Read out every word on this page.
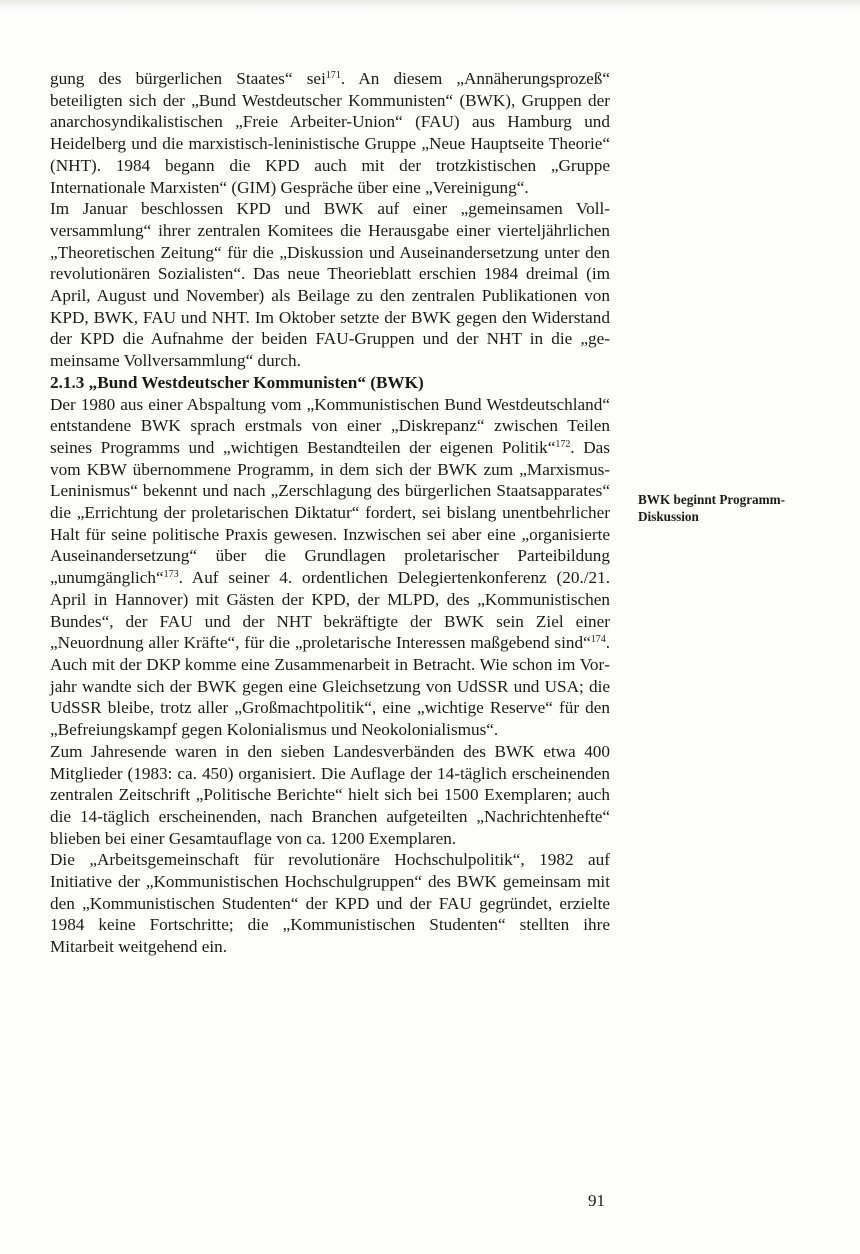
gung des bürgerlichen Staates“ sei$^{171}$. An diesem „Annäherungsprozeß“ beteiligten sich der „Bund Westdeutscher Kommunisten“ (BWK), Gruppen der anarchosyndikalistischen „Freie Arbeiter-Union“ (FAU) aus Hamburg und Heidelberg und die marxistisch-leninistische Gruppe „Neue Hauptseite Theorie“ (NHT). 1984 begann die KPD auch mit der trotzkistischen „Gruppe Internationale Marxisten“ (GIM) Gespräche über eine „Vereinigung“.

Im Januar beschlossen KPD und BWK auf einer „gemeinsamen Vollversammlung“ ihrer zentralen Komitees die Herausgabe einer vierteljährlichen „Theoretischen Zeitung“ für die „Diskussion und Auseinandersetzung unter den revolutionären Sozialisten“. Das neue Theorieblatt erschien 1984 dreimal (im April, August und November) als Beilage zu den zentralen Publikationen von KPD, BWK, FAU und NHT. Im Oktober setzte der BWK gegen den Widerstand der KPD die Aufnahme der beiden FAU-Gruppen und der NHT in die „gemeinsame Vollversammlung“ durch.

2.1.3 „Bund Westdeutscher Kommunisten“ (BWK)

Der 1980 aus einer Abspaltung vom „Kommunistischen Bund Westdeutschland“ entstandene BWK sprach erstmals von einer „Diskrepanz“ zwischen Teilen seines Programms und „wichtigen Bestandteilen der eigenen Politik“$^{172}$. Das vom KBW übernommene Programm, in dem sich der BWK zum „Marxismus-Leninismus“ bekennt und nach „Zerschlagung des bürgerlichen Staatsapparates“ die „Errichtung der proletarischen Diktatur“ fordert, sei bislang unentbehrlicher Halt für seine politische Praxis gewesen. Inzwischen sei aber eine „organisierte Auseinandersetzung“ über die Grundlagen proletarischer Parteibildung „unumgänglich“$^{173}$. Auf seiner 4. ordentlichen Delegiertenkonferenz (20./21. April in Hannover) mit Gästen der KPD, der MLPD, des „Kommunistischen Bundes“, der FAU und der NHT bekräftigte der BWK sein Ziel einer „Neuordnung aller Kräfte“, für die „proletarische Interessen maßgebend sind“$^{174}$. Auch mit der DKP komme eine Zusammenarbeit in Betracht. Wie schon im Vorjahr wandte sich der BWK gegen eine Gleichsetzung von UdSSR und USA; die UdSSR bleibe, trotz aller „Großmachtpolitik“, eine „wichtige Reserve“ für den „Befreiungskampf gegen Kolonialismus und Neokolonialismus“.

Zum Jahresende waren in den sieben Landesverbänden des BWK etwa 400 Mitglieder (1983: ca. 450) organisiert. Die Auflage der 14-täglich erscheinenden zentralen Zeitschrift „Politische Berichte“ hielt sich bei 1500 Exemplaren; auch die 14-täglich erscheinenden, nach Branchen aufgeteilten „Nachrichtenhefte“ blieben bei einer Gesamtauflage von ca. 1200 Exemplaren.

Die „Arbeitsgemeinschaft für revolutionäre Hochschulpolitik“, 1982 auf Initiative der „Kommunistischen Hochschulgruppen“ des BWK gemeinsam mit den „Kommunistischen Studenten“ der KPD und der FAU gegründet, erzielte 1984 keine Fortschritte; die „Kommunistischen Studenten“ stellten ihre Mitarbeit weitgehend ein.

BWK beginnt Programm-Diskussion
91
